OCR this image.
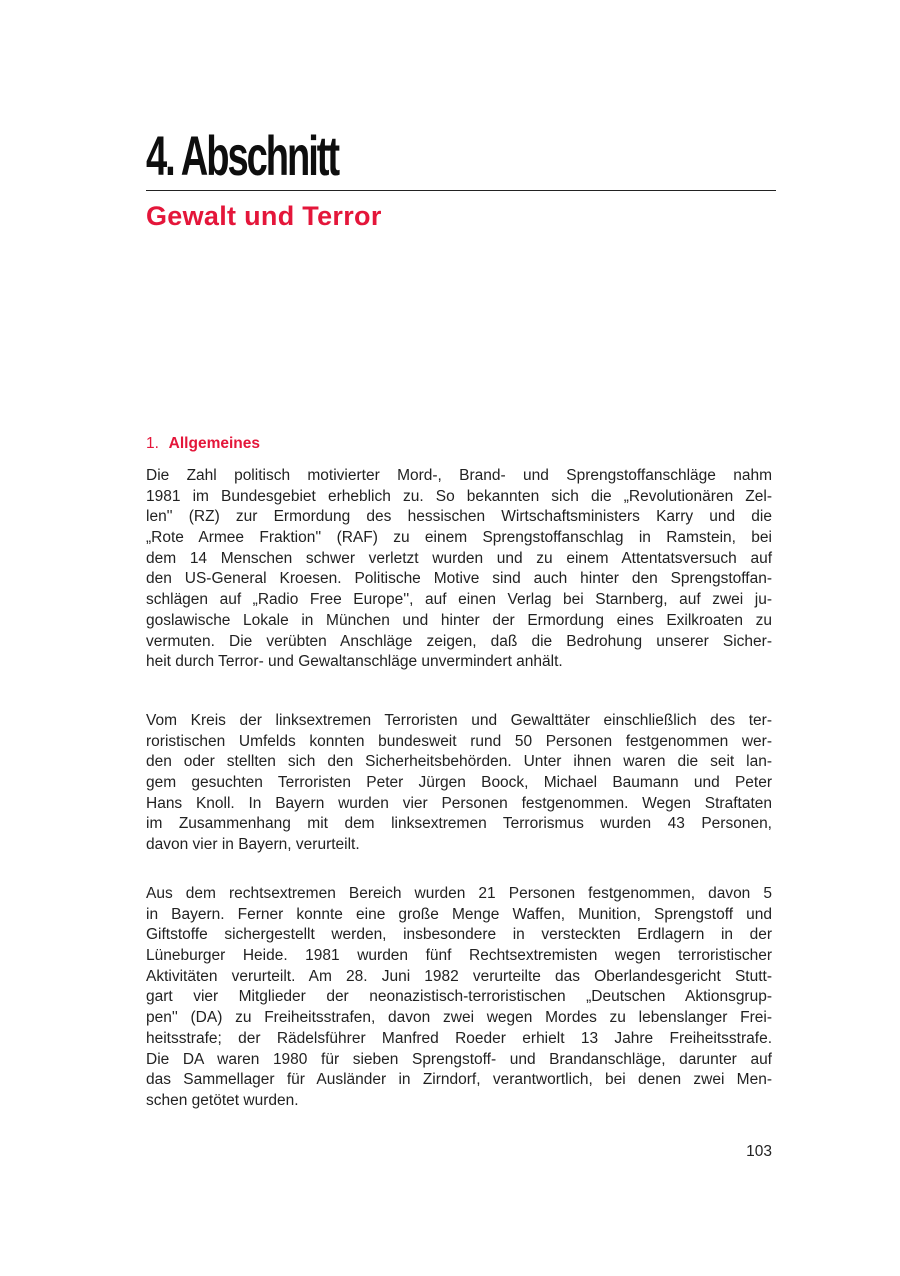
4. Abschnitt
Gewalt und Terror
1. Allgemeines

Die Zahl politisch motivierter Mord-, Brand- und Sprengstoffanschläge nahm
1981 im Bundesgebiet erheblich zu. So bekannten sich die „Revolutionären Zel-
len'' (RZ) zur Ermordung des hessischen Wirtschaftsministers Karry und die
„Rote Armee Fraktion'' (RAF) zu einem Sprengstoffanschlag in Ramstein, bei
dem 14 Menschen schwer verletzt wurden und zu einem Attentatsversuch auf
den US-General Kroesen. Politische Motive sind auch hinter den Sprengstoffan-
schlägen auf „Radio Free Europe'', auf einen Verlag bei Starnberg, auf zwei ju-
goslawische Lokale in München und hinter der Ermordung eines Exilkroaten zu
vermuten. Die verübten Anschläge zeigen, daß die Bedrohung unserer Sicher-
heit durch Terror- und Gewaltanschläge unvermindert anhält.

Vom Kreis der linksextremen Terroristen und Gewalttäter einschließlich des ter-
roristischen Umfelds konnten bundesweit rund 50 Personen festgenommen wer-
den oder stellten sich den Sicherheitsbehörden. Unter ihnen waren die seit lan-
gem gesuchten Terroristen Peter Jürgen Boock, Michael Baumann und Peter
Hans Knoll. In Bayern wurden vier Personen festgenommen. Wegen Straftaten
im Zusammenhang mit dem linksextremen Terrorismus wurden 43 Personen,
davon vier in Bayern, verurteilt.

Aus dem rechtsextremen Bereich wurden 21 Personen festgenommen, davon 5
in Bayern. Ferner konnte eine große Menge Waffen, Munition, Sprengstoff und
Giftstoffe sichergestellt werden, insbesondere in versteckten Erdlagern in der
Lüneburger Heide. 1981 wurden fünf Rechtsextremisten wegen terroristischer
Aktivitäten verurteilt. Am 28. Juni 1982 verurteilte das Oberlandesgericht Stutt-
gart vier Mitglieder der neonazistisch-terroristischen „Deutschen Aktionsgrup-
pen'' (DA) zu Freiheitsstrafen, davon zwei wegen Mordes zu lebenslanger Frei-
heitsstrafe; der Rädelsführer Manfred Roeder erhielt 13 Jahre Freiheitsstrafe.
Die DA waren 1980 für sieben Sprengstoff- und Brandanschläge, darunter auf
das Sammellager für Ausländer in Zirndorf, verantwortlich, bei denen zwei Men-
schen getötet wurden.

103
